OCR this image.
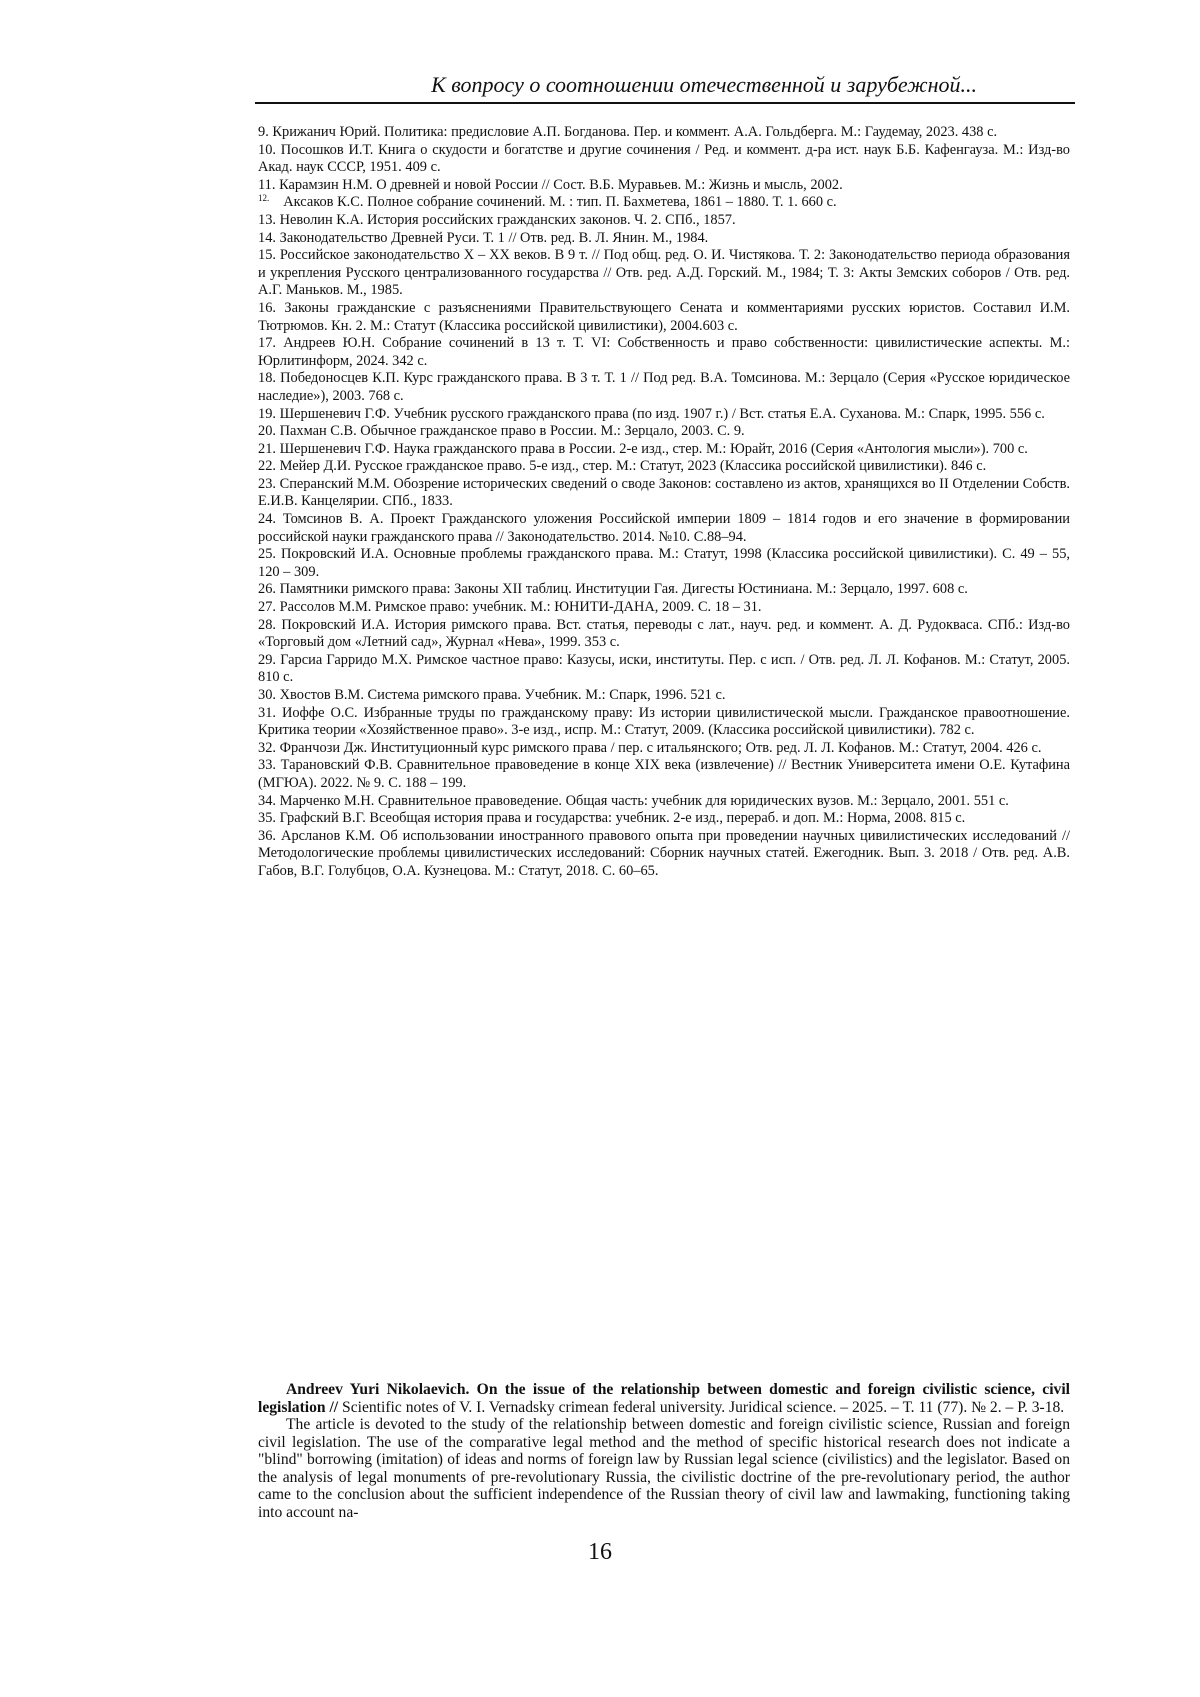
К вопросу о соотношении отечественной и зарубежной...

9. Крижанич Юрий. Политика: предисловие А.П. Богданова. Пер. и коммент. А.А. Гольдберга. М.: Гаудемау, 2023. 438 с.

10. Посошков И.Т. Книга о скудости и богатстве и другие сочинения / Ред. и коммент. д-ра ист. наук Б.Б. Кафенгауза. М.: Изд-во Акад. наук СССР, 1951. 409 с.

11. Карамзин Н.М. О древней и новой России // Сост. В.Б. Муравьев. М.: Жизнь и мысль, 2002.

$^{12.}$ Аксаков К.С. Полное собрание сочинений. М. : тип. П. Бахметева, 1861 – 1880. Т. 1. 660 с.

13. Неволин К.А. История российских гражданских законов. Ч. 2. СПб., 1857.

14. Законодательство Древней Руси. Т. 1 // Отв. ред. В. Л. Янин. М., 1984.

15. Российское законодательство X – XX веков. В 9 т. // Под общ. ред. О. И. Чистякова. Т. 2: Законодательство периода образования и укрепления Русского централизованного государства // Отв. ред. А.Д. Горский. М., 1984; Т. 3: Акты Земских соборов / Отв. ред. А.Г. Маньков. М., 1985.

16. Законы гражданские с разъяснениями Правительствующего Сената и комментариями русских юристов. Составил И.М. Тютрюмов. Кн. 2. М.: Статут (Классика российской цивилистики), 2004.603 с.

17. Андреев Ю.Н. Собрание сочинений в 13 т. Т. VI: Собственность и право собственности: цивилистические аспекты. М.: Юрлитинформ, 2024. 342 с.

18. Победоносцев К.П. Курс гражданского права. В 3 т. Т. 1 // Под ред. В.А. Томсинова. М.: Зерцало (Серия «Русское юридическое наследие»), 2003. 768 с.

19. Шершеневич Г.Ф. Учебник русского гражданского права (по изд. 1907 г.) / Вст. статья Е.А. Суханова. М.: Спарк, 1995. 556 с.

20. Пахман С.В. Обычное гражданское право в России. М.: Зерцало, 2003. С. 9.

21. Шершеневич Г.Ф. Наука гражданского права в России. 2-е изд., стер. М.: Юрайт, 2016 (Серия «Антология мысли»). 700 с.

22. Мейер Д.И. Русское гражданское право. 5-е изд., стер. М.: Статут, 2023 (Классика российской цивилистики). 846 с.

23. Сперанский М.М. Обозрение исторических сведений о своде Законов: составлено из актов, хранящихся во II Отделении Собств. Е.И.В. Канцелярии. СПб., 1833.

24. Томсинов В. А. Проект Гражданского уложения Российской империи 1809 – 1814 годов и его значение в формировании российской науки гражданского права // Законодательство. 2014. №10. С.88–94.

25. Покровский И.А. Основные проблемы гражданского права. М.: Статут, 1998 (Классика российской цивилистики). С. 49 – 55, 120 – 309.

26. Памятники римского права: Законы XII таблиц. Институции Гая. Дигесты Юстиниана. М.: Зерцало, 1997. 608 с.

27. Рассолов М.М. Римское право: учебник. М.: ЮНИТИ-ДАНА, 2009. С. 18 – 31.

28. Покровский И.А. История римского права. Вст. статья, переводы с лат., науч. ред. и коммент. А. Д. Рудокваса. СПб.: Изд-во «Торговый дом «Летний сад», Журнал «Нева», 1999. 353 с.

29. Гарсиа Гарридо М.Х. Римское частное право: Казусы, иски, институты. Пер. с исп. / Отв. ред. Л. Л. Кофанов. М.: Статут, 2005. 810 с.

30. Хвостов В.М. Система римского права. Учебник. М.: Спарк, 1996. 521 с.

31. Иоффе О.С. Избранные труды по гражданскому праву: Из истории цивилистической мысли. Гражданское правоотношение. Критика теории «Хозяйственное право». 3-е изд., испр. М.: Статут, 2009. (Классика российской цивилистики). 782 с.

32. Франчози Дж. Институционный курс римского права / пер. с итальянского; Отв. ред. Л. Л. Кофанов. М.: Статут, 2004. 426 с.

33. Тарановский Ф.В. Сравнительное правоведение в конце XIX века (извлечение) // Вестник Университета имени О.Е. Кутафина (МГЮА). 2022. № 9. С. 188 – 199.

34. Марченко М.Н. Сравнительное правоведение. Общая часть: учебник для юридических вузов. М.: Зерцало, 2001. 551 с.

35. Графский В.Г. Всеобщая история права и государства: учебник. 2-е изд., перераб. и доп. М.: Норма, 2008. 815 с.

36. Арсланов К.М. Об использовании иностранного правового опыта при проведении научных цивилистических исследований // Методологические проблемы цивилистических исследований: Сборник научных статей. Ежегодник. Вып. 3. 2018 / Отв. ред. А.В. Габов, В.Г. Голубцов, О.А. Кузнецова. М.: Статут, 2018. С. 60–65.

Andreev Yuri Nikolaevich. On the issue of the relationship between domestic and foreign civilistic science, civil legislation // Scientific notes of V. I. Vernadsky crimean federal university. Juridical science. – 2025. – Т. 11 (77). № 2. – Р. 3-18.

The article is devoted to the study of the relationship between domestic and foreign civilistic science, Russian and foreign civil legislation. The use of the comparative legal method and the method of specific historical research does not indicate a "blind" borrowing (imitation) of ideas and norms of foreign law by Russian legal science (civilistics) and the legislator. Based on the analysis of legal monuments of pre-revolutionary Russia, the civilistic doctrine of the pre-revolutionary period, the author came to the conclusion about the sufficient independence of the Russian theory of civil law and lawmaking, functioning taking into account na-

16
